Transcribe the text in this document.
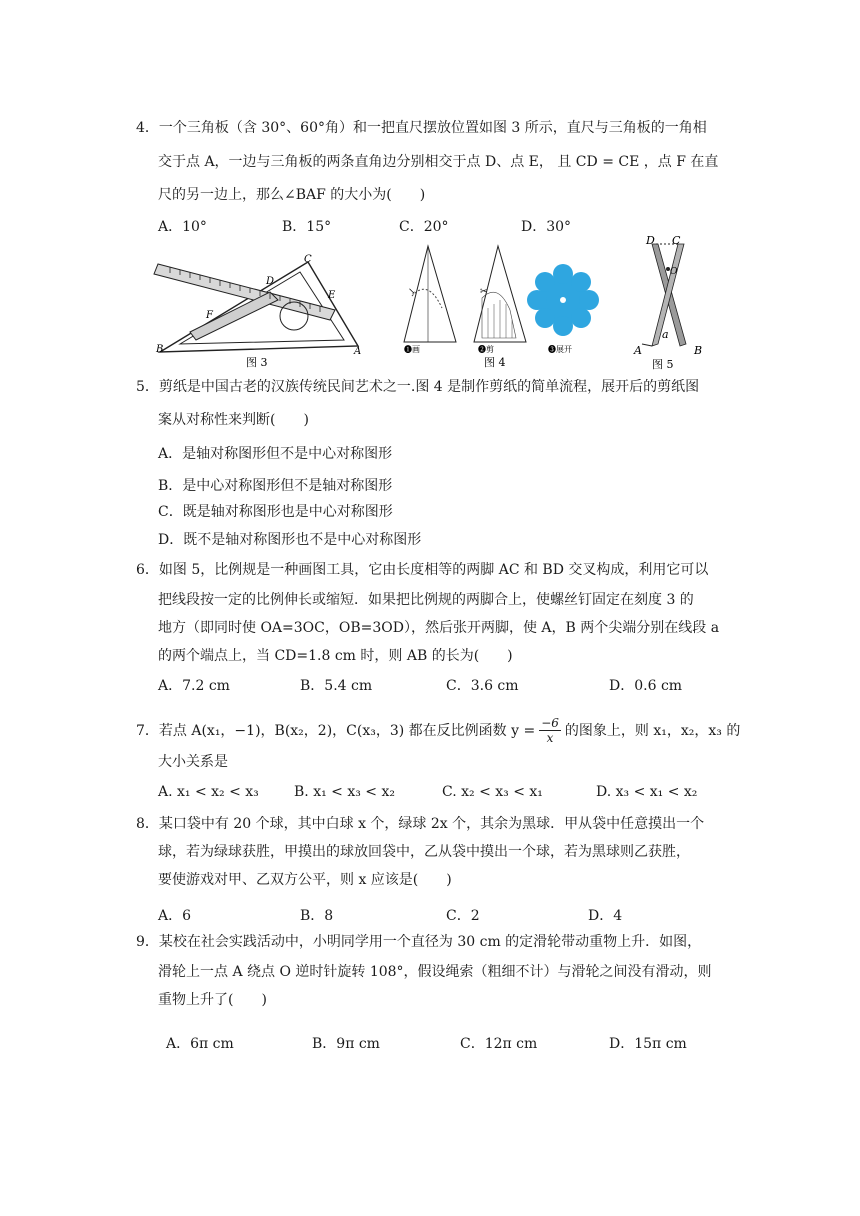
4．一个三角板（含 30°、60°角）和一把直尺摆放位置如图 3 所示，直尺与三角板的一角相
交于点 A，一边与三角板的两条直角边分别相交于点 D、点 E， 且 CD = CE ，点 F 在直
尺的另一边上，那么∠BAF 的大小为(　　)
A．10°	B．15°	C．20°	D．30°
C
D
E
F
B	A
图 3
↘	✂
❶画	❷剪	❸展开
图 4
D C
O
a
A	B
图 5
5．剪纸是中国古老的汉族传统民间艺术之一.图 4 是制作剪纸的简单流程，展开后的剪纸图
案从对称性来判断(　　)
A．是轴对称图形但不是中心对称图形
B．是中心对称图形但不是轴对称图形
C．既是轴对称图形也是中心对称图形
D．既不是轴对称图形也不是中心对称图形
6．如图 5，比例规是一种画图工具，它由长度相等的两脚 AC 和 BD 交叉构成，利用它可以
把线段按一定的比例伸长或缩短．如果把比例规的两脚合上，使螺丝钉固定在刻度 3 的
地方（即同时使 OA=3OC，OB=3OD），然后张开两脚，使 A，B 两个尖端分别在线段 a
的两个端点上，当 CD=1.8 cm 时，则 AB 的长为(　　)
A．7.2 cm	B．5.4 cm	C．3.6 cm	D．0.6 cm
7．若点 A(x₁，−1)，B(x₂，2)，C(x₃，3) 都在反比例函数 $y = \frac{-6}{x}$ 的图象上，则 x₁，x₂，x₃ 的
大小关系是
A. x₁ < x₂ < x₃	B. x₁ < x₃ < x₂	C. x₂ < x₃ < x₁	D. x₃ < x₁ < x₂
8．某口袋中有 20 个球，其中白球 x 个，绿球 2x 个，其余为黑球．甲从袋中任意摸出一个
球，若为绿球获胜，甲摸出的球放回袋中，乙从袋中摸出一个球，若为黑球则乙获胜，
要使游戏对甲、乙双方公平，则 x 应该是(　　)
A．6	B．8	C．2	D．4
9．某校在社会实践活动中，小明同学用一个直径为 30 cm 的定滑轮带动重物上升．如图，
滑轮上一点 A 绕点 O 逆时针旋转 108°，假设绳索（粗细不计）与滑轮之间没有滑动，则
重物上升了(　　)
A．6π cm	B．9π cm	C．12π cm	D．15π cm
